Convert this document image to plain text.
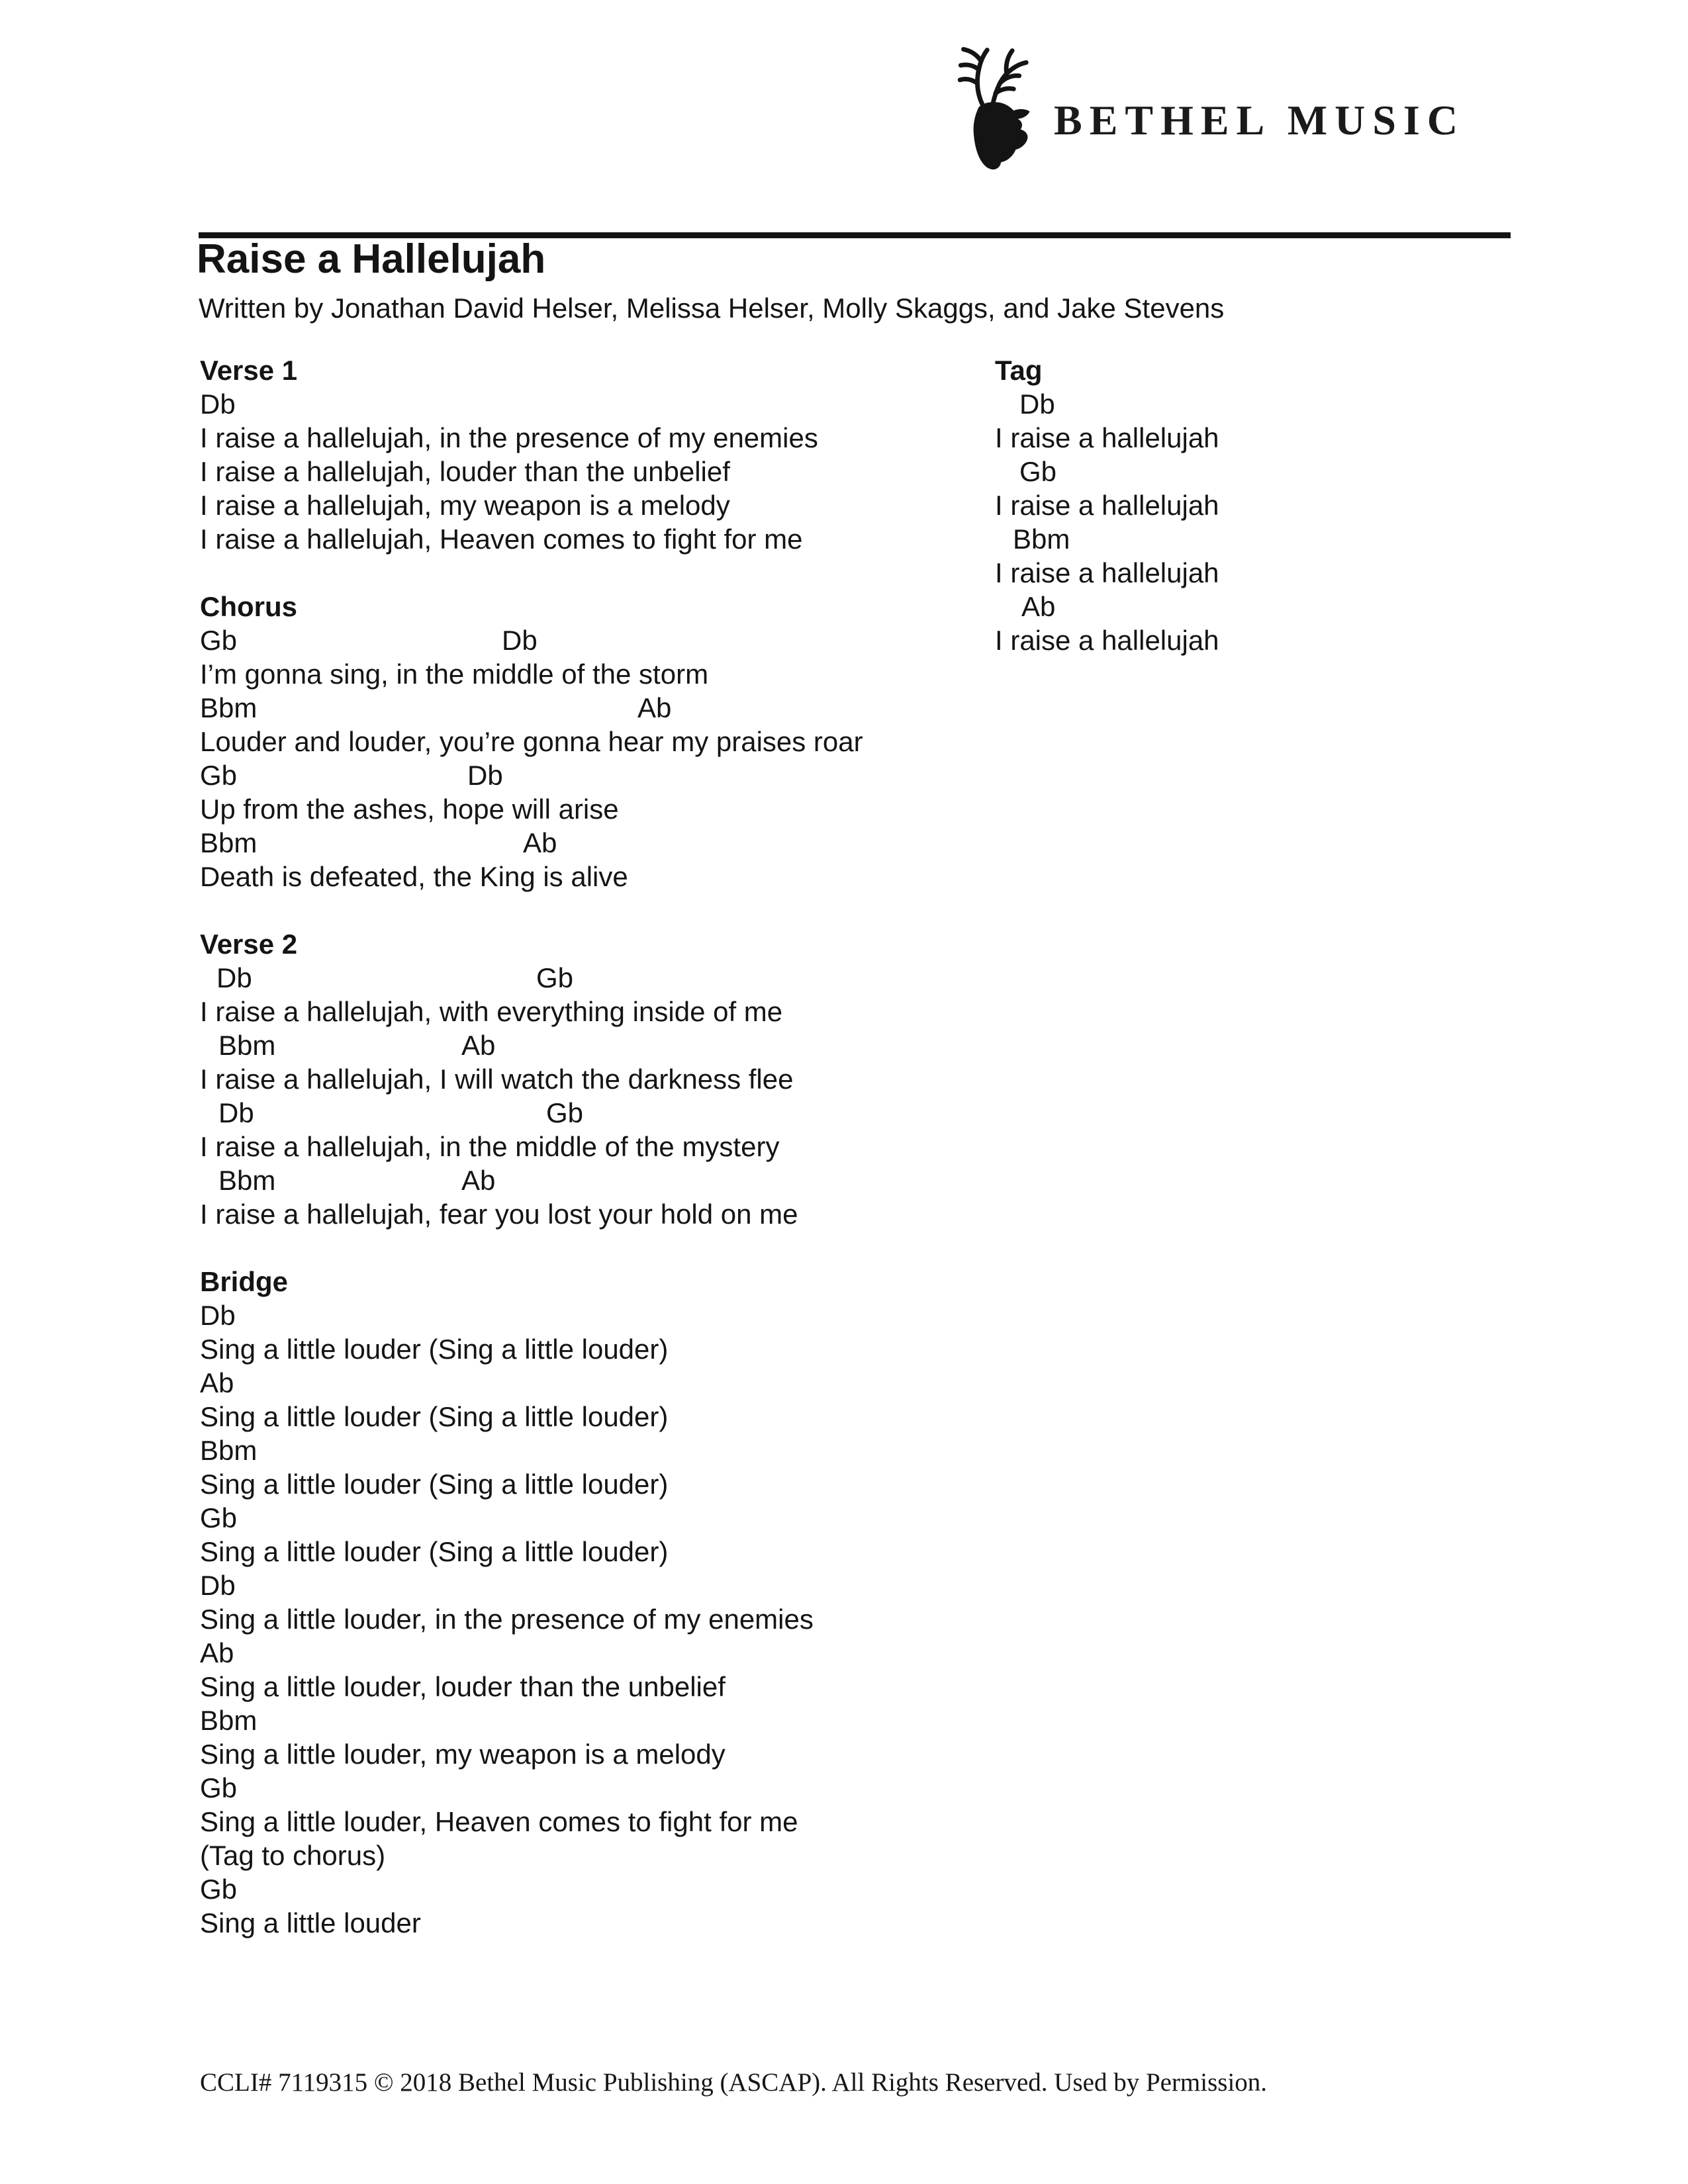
BETHEL MUSIC
Raise a Hallelujah
Written by Jonathan David Helser, Melissa Helser, Molly Skaggs, and Jake Stevens
Verse 1
Db
I raise a hallelujah, in the presence of my enemies
I raise a hallelujah, louder than the unbelief
I raise a hallelujah, my weapon is a melody
I raise a hallelujah, Heaven comes to fight for me
Chorus
Gb	Db
I’m gonna sing, in the middle of the storm
Bbm	Ab
Louder and louder, you’re gonna hear my praises roar
Gb	Db
Up from the ashes, hope will arise
Bbm	Ab
Death is defeated, the King is alive
Verse 2
Db	Gb
I raise a hallelujah, with everything inside of me
Bbm	Ab
I raise a hallelujah, I will watch the darkness flee
Db	Gb
I raise a hallelujah, in the middle of the mystery
Bbm	Ab
I raise a hallelujah, fear you lost your hold on me
Bridge
Db
Sing a little louder (Sing a little louder)
Ab
Sing a little louder (Sing a little louder)
Bbm
Sing a little louder (Sing a little louder)
Gb
Sing a little louder (Sing a little louder)
Db
Sing a little louder, in the presence of my enemies
Ab
Sing a little louder, louder than the unbelief
Bbm
Sing a little louder, my weapon is a melody
Gb
Sing a little louder, Heaven comes to fight for me
(Tag to chorus)
Gb
Sing a little louder
Tag
Db
I raise a hallelujah
Gb
I raise a hallelujah
Bbm
I raise a hallelujah
Ab
I raise a hallelujah
CCLI# 7119315 © 2018 Bethel Music Publishing (ASCAP). All Rights Reserved. Used by Permission.
